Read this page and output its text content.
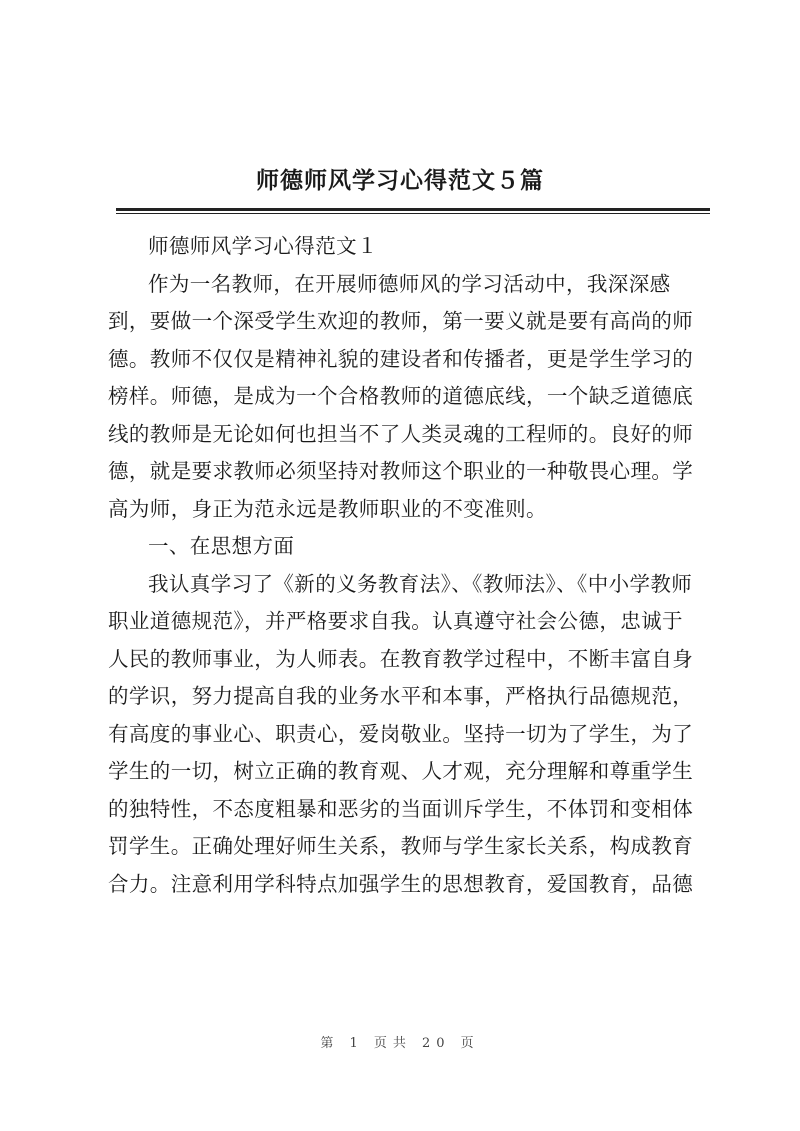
师德师风学习心得范文５篇
师德师风学习心得范文１
作为一名教师，在开展师德师风的学习活动中，我深深感
到，要做一个深受学生欢迎的教师，第一要义就是要有高尚的师
德。教师不仅仅是精神礼貌的建设者和传播者，更是学生学习的
榜样。师德，是成为一个合格教师的道德底线，一个缺乏道德底
线的教师是无论如何也担当不了人类灵魂的工程师的。良好的师
德，就是要求教师必须坚持对教师这个职业的一种敬畏心理。学
高为师，身正为范永远是教师职业的不变准则。
一、在思想方面
我认真学习了《新的义务教育法》、《教师法》、《中小学教师
职业道德规范》，并严格要求自我。认真遵守社会公德，忠诚于
人民的教师事业，为人师表。在教育教学过程中，不断丰富自身
的学识，努力提高自我的业务水平和本事，严格执行品德规范，
有高度的事业心、职责心，爱岗敬业。坚持一切为了学生，为了
学生的一切，树立正确的教育观、人才观，充分理解和尊重学生
的独特性，不态度粗暴和恶劣的当面训斥学生，不体罚和变相体
罚学生。正确处理好师生关系，教师与学生家长关系，构成教育
合力。注意利用学科特点加强学生的思想教育，爱国教育，品德
第 1 页共 20 页
